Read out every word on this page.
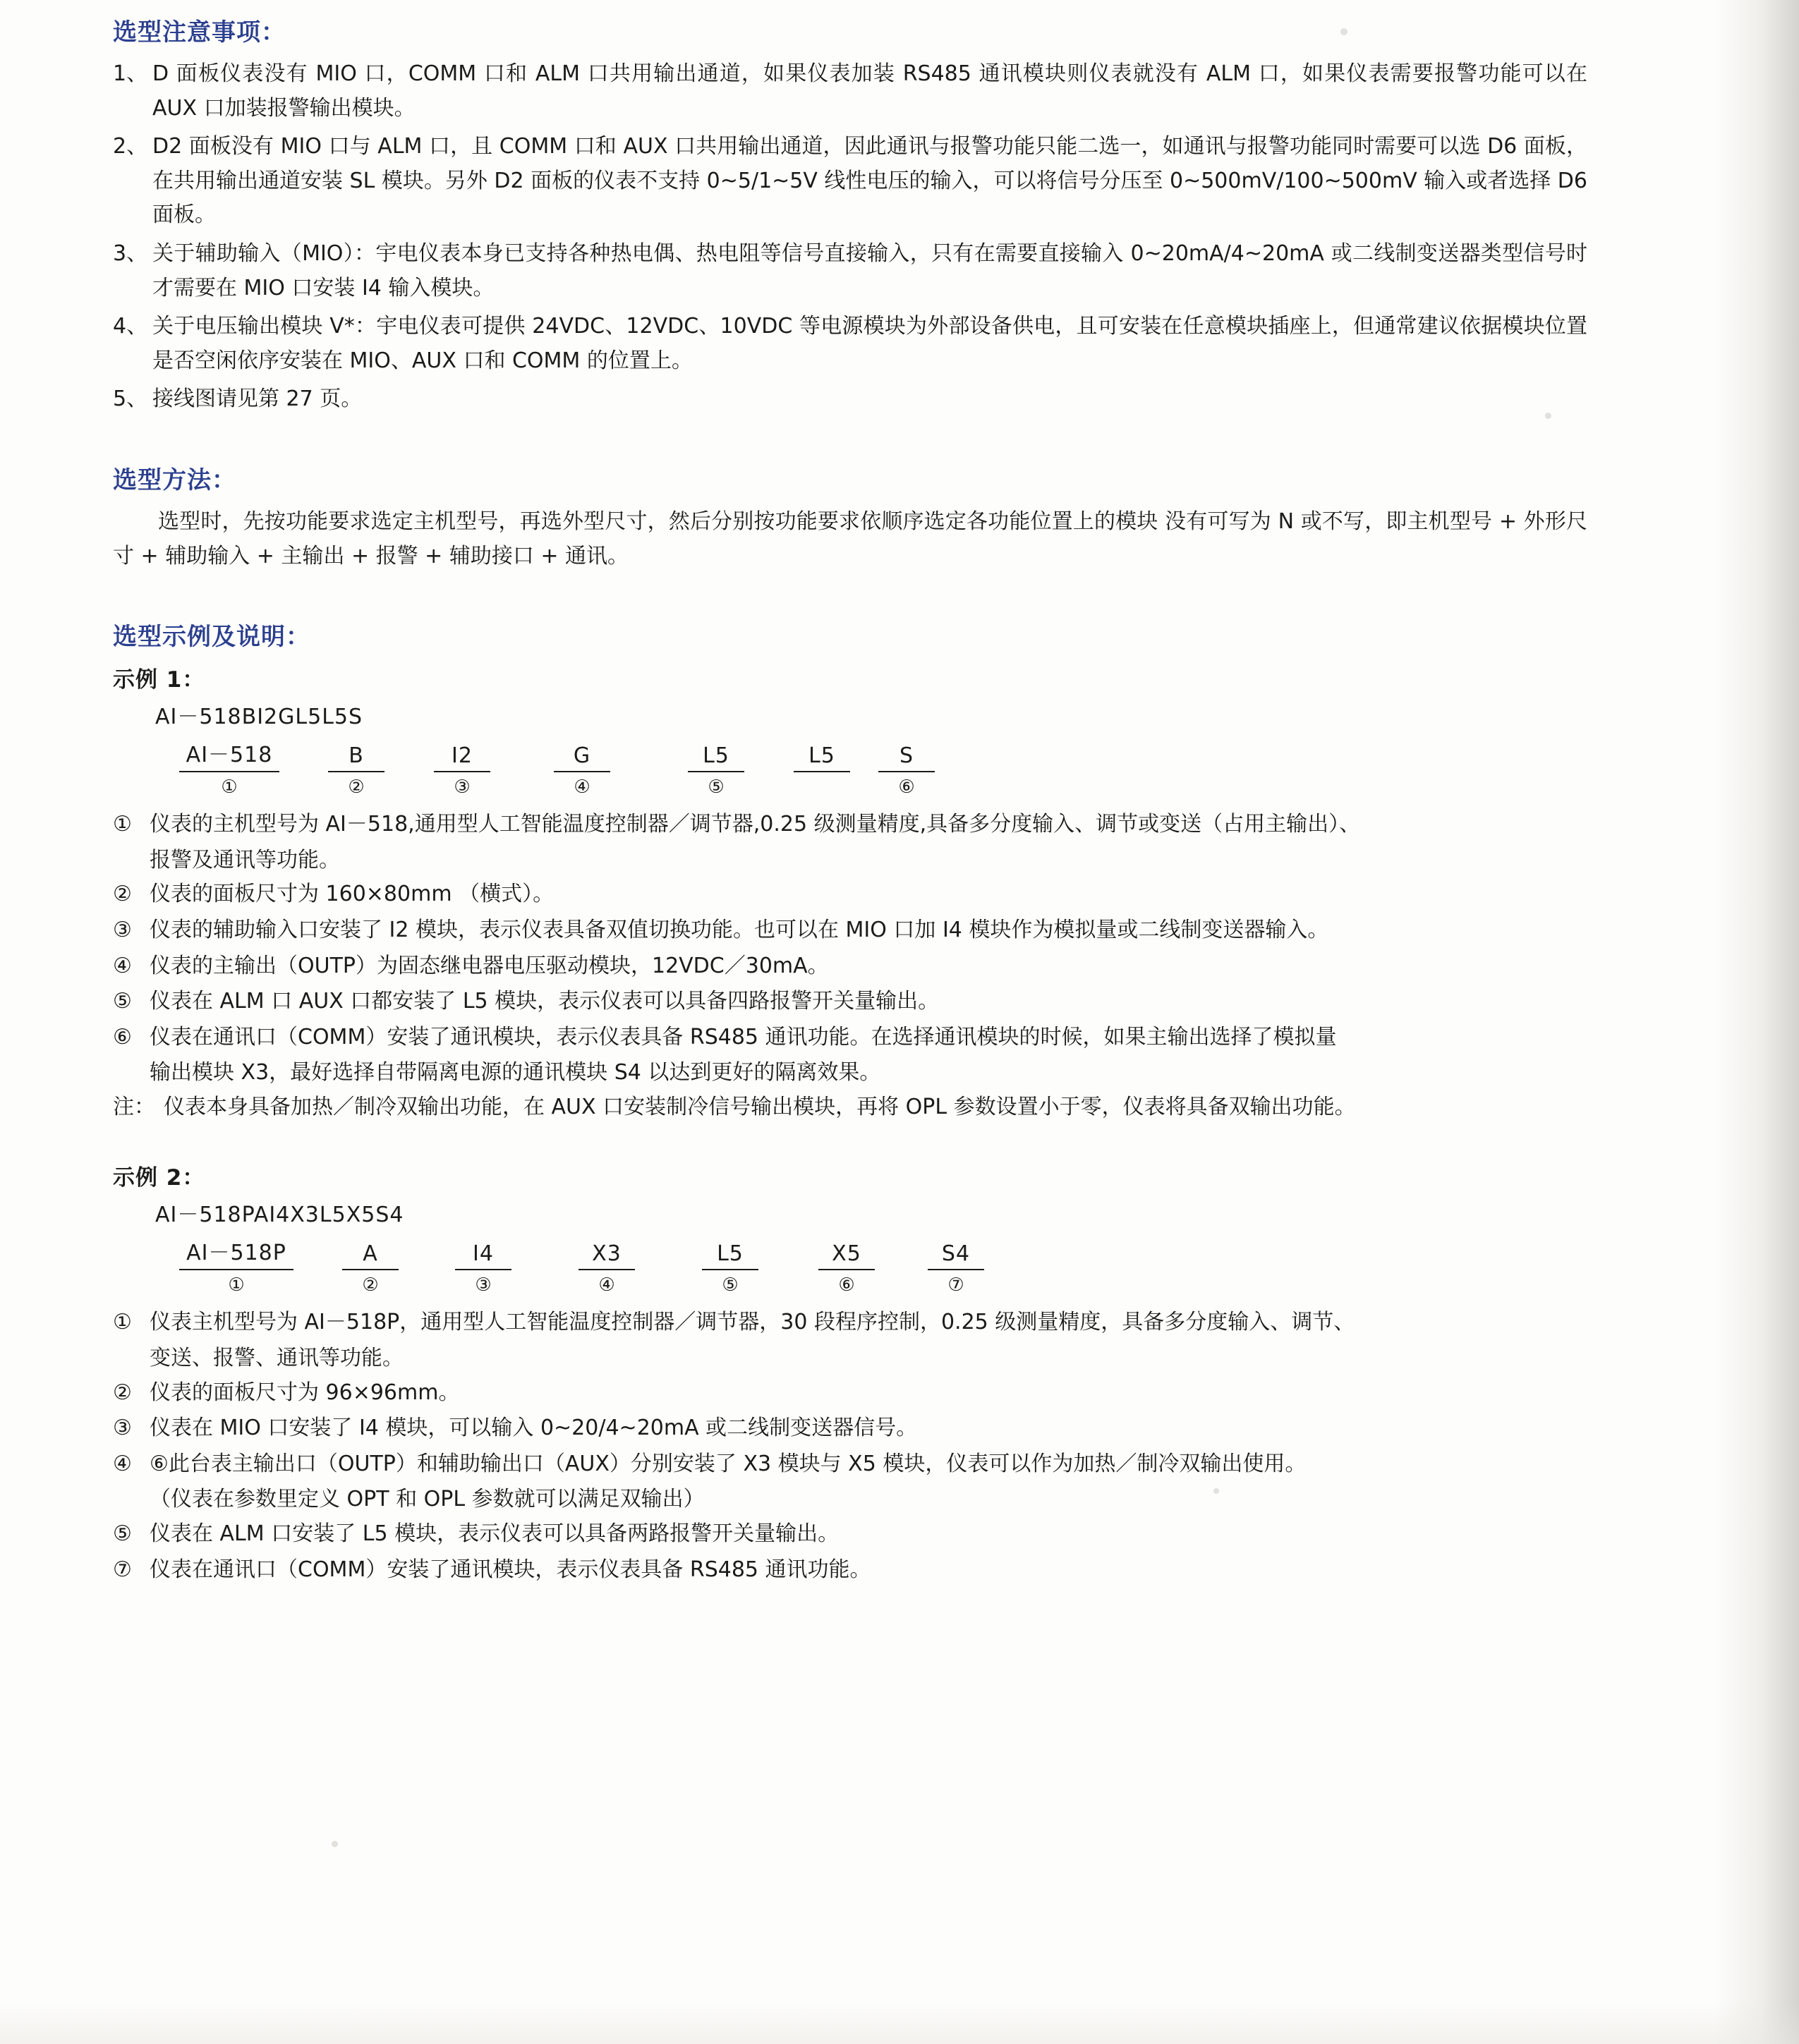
选型注意事项：
1、 D 面板仪表没有 MIO 口，COMM 口和 ALM 口共用输出通道，如果仪表加装 RS485 通讯模块则仪表就没有 ALM 口，如果仪表需要报警功能可以在 AUX 口加装报警输出模块。
2、 D2 面板没有 MIO 口与 ALM 口，且 COMM 口和 AUX 口共用输出通道，因此通讯与报警功能只能二选一，如通讯与报警功能同时需要可以选 D6 面板，在共用输出通道安装 SL 模块。另外 D2 面板的仪表不支持 0~5/1~5V 线性电压的输入，可以将信号分压至 0~500mV/100~500mV 输入或者选择 D6 面板。
3、 关于辅助输入（MIO）：宇电仪表本身已支持各种热电偶、热电阻等信号直接输入，只有在需要直接输入 0~20mA/4~20mA 或二线制变送器类型信号时才需要在 MIO 口安装 I4 输入模块。
4、 关于电压输出模块 V*：宇电仪表可提供 24VDC、12VDC、10VDC 等电源模块为外部设备供电，且可安装在任意模块插座上，但通常建议依据模块位置是否空闲依序安装在 MIO、AUX 口和 COMM 的位置上。
5、 接线图请见第 27 页。
选型方法：

选型时，先按功能要求选定主机型号，再选外型尺寸，然后分别按功能要求依顺序选定各功能位置上的模块 没有可写为 N 或不写，即主机型号 + 外形尺寸 + 辅助输入 + 主输出 + 报警 + 辅助接口 + 通讯。

选型示例及说明：
示例 1：
AI－518BI2GL5L5S
AI－518	B	I2	G	L5	L5	S
①	②	③	④	⑤	⑥
① 仪表的主机型号为 AI－518,通用型人工智能温度控制器／调节器,0.25 级测量精度,具备多分度输入、调节或变送（占用主输出）、
报警及通讯等功能。
② 仪表的面板尺寸为 160×80mm （横式）。
③ 仪表的辅助输入口安装了 I2 模块，表示仪表具备双值切换功能。也可以在 MIO 口加 I4 模块作为模拟量或二线制变送器输入。
④ 仪表的主输出（OUTP）为固态继电器电压驱动模块，12VDC／30mA。
⑤ 仪表在 ALM 口 AUX 口都安装了 L5 模块，表示仪表可以具备四路报警开关量输出。
⑥ 仪表在通讯口（COMM）安装了通讯模块，表示仪表具备 RS485 通讯功能。在选择通讯模块的时候，如果主输出选择了模拟量
输出模块 X3，最好选择自带隔离电源的通讯模块 S4 以达到更好的隔离效果。
注： 仪表本身具备加热／制冷双输出功能，在 AUX 口安装制冷信号输出模块，再将 OPL 参数设置小于零，仪表将具备双输出功能。
示例 2：
AI－518PAI4X3L5X5S4
AI－518P	A	I4	X3	L5	X5	S4
①	②	③	④	⑤	⑥	⑦
① 仪表主机型号为 AI－518P，通用型人工智能温度控制器／调节器，30 段程序控制，0.25 级测量精度，具备多分度输入、调节、
变送、报警、通讯等功能。
② 仪表的面板尺寸为 96×96mm。
③ 仪表在 MIO 口安装了 I4 模块，可以输入 0~20/4~20mA 或二线制变送器信号。
④ ⑥此台表主输出口（OUTP）和辅助输出口（AUX）分别安装了 X3 模块与 X5 模块，仪表可以作为加热／制冷双输出使用。
（仪表在参数里定义 OPT 和 OPL 参数就可以满足双输出）
⑤ 仪表在 ALM 口安装了 L5 模块，表示仪表可以具备两路报警开关量输出。
⑦ 仪表在通讯口（COMM）安装了通讯模块，表示仪表具备 RS485 通讯功能。
